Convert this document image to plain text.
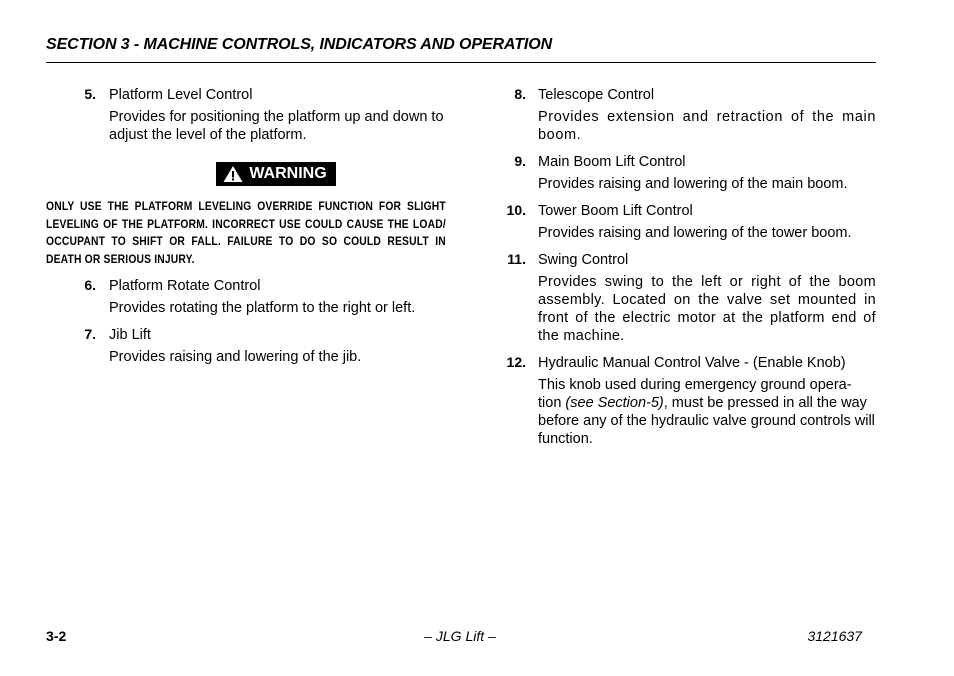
SECTION 3 - MACHINE CONTROLS, INDICATORS AND OPERATION
5. Platform Level Control
Provides for positioning the platform up and down to adjust the level of the platform.
WARNING
ONLY USE THE PLATFORM LEVELING OVERRIDE FUNCTION FOR SLIGHT LEVELING OF THE PLATFORM. INCORRECT USE COULD CAUSE THE LOAD/ OCCUPANT TO SHIFT OR FALL. FAILURE TO DO SO COULD RESULT IN DEATH OR SERIOUS INJURY.
6. Platform Rotate Control
Provides rotating the platform to the right or left.
7. Jib Lift
Provides raising and lowering of the jib.
8. Telescope Control
Provides extension and retraction of the main boom.
9. Main Boom Lift Control
Provides raising and lowering of the main boom.
10. Tower Boom Lift Control
Provides raising and lowering of the tower boom.
11. Swing Control
Provides swing to the left or right of the boom assembly. Located on the valve set mounted in front of the electric motor at the platform end of the machine.
12. Hydraulic Manual Control Valve - (Enable Knob)
This knob used during emergency ground opera- tion (see Section-5), must be pressed in all the way before any of the hydraulic valve ground controls will function.
3-2	– JLG Lift –	3121637
